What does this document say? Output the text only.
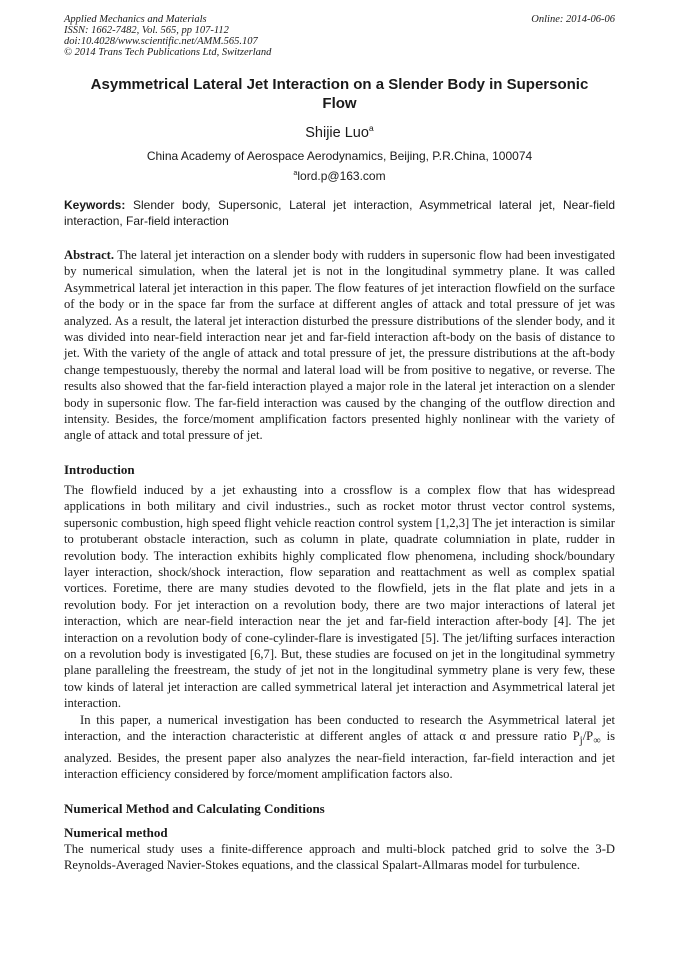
Applied Mechanics and Materials
ISSN: 1662-7482, Vol. 565, pp 107-112
doi:10.4028/www.scientific.net/AMM.565.107
© 2014 Trans Tech Publications Ltd, Switzerland
Online: 2014-06-06
Asymmetrical Lateral Jet Interaction on a Slender Body in Supersonic Flow
Shijie Luo$^a$
China Academy of Aerospace Aerodynamics, Beijing, P.R.China, 100074
$^a$lord.p@163.com
Keywords: Slender body, Supersonic, Lateral jet interaction, Asymmetrical lateral jet, Near-field interaction, Far-field interaction
Abstract. The lateral jet interaction on a slender body with rudders in supersonic flow had been investigated by numerical simulation, when the lateral jet is not in the longitudinal symmetry plane. It was called Asymmetrical lateral jet interaction in this paper. The flow features of jet interaction flowfield on the surface of the body or in the space far from the surface at different angles of attack and total pressure of jet was analyzed. As a result, the lateral jet interaction disturbed the pressure distributions of the slender body, and it was divided into near-field interaction near jet and far-field interaction aft-body on the basis of distance to jet. With the variety of the angle of attack and total pressure of jet, the pressure distributions at the aft-body change tempestuously, thereby the normal and lateral load will be from positive to negative, or reverse. The results also showed that the far-field interaction played a major role in the lateral jet interaction on a slender body in supersonic flow. The far-field interaction was caused by the changing of the outflow direction and intensity. Besides, the force/moment amplification factors presented highly nonlinear with the variety of angle of attack and total pressure of jet.
Introduction
The flowfield induced by a jet exhausting into a crossflow is a complex flow that has widespread applications in both military and civil industries., such as rocket motor thrust vector control systems, supersonic combustion, high speed flight vehicle reaction control system [1,2,3] The jet interaction is similar to protuberant obstacle interaction, such as column in plate, quadrate columniation in plate, rudder in revolution body. The interaction exhibits highly complicated flow phenomena, including shock/boundary layer interaction, shock/shock interaction, flow separation and reattachment as well as complex spatial vortices. Foretime, there are many studies devoted to the flowfield, jets in the flat plate and jets in a revolution body. For jet interaction on a revolution body, there are two major interactions of lateral jet interaction, which are near-field interaction near the jet and far-field interaction after-body [4]. The jet interaction on a revolution body of cone-cylinder-flare is investigated [5]. The jet/lifting surfaces interaction on a revolution body is investigated [6,7]. But, these studies are focused on jet in the longitudinal symmetry plane paralleling the freestream, the study of jet not in the longitudinal symmetry plane is very few, these tow kinds of lateral jet interaction are called symmetrical lateral jet interaction and Asymmetrical lateral jet interaction.
In this paper, a numerical investigation has been conducted to research the Asymmetrical lateral jet interaction, and the interaction characteristic at different angles of attack α and pressure ratio $P_j/P_\infty$ is analyzed. Besides, the present paper also analyzes the near-field interaction, far-field interaction and jet interaction efficiency considered by force/moment amplification factors also.
Numerical Method and Calculating Conditions
Numerical method
The numerical study uses a finite-difference approach and multi-block patched grid to solve the 3-D Reynolds-Averaged Navier-Stokes equations, and the classical Spalart-Allmaras model for turbulence.
